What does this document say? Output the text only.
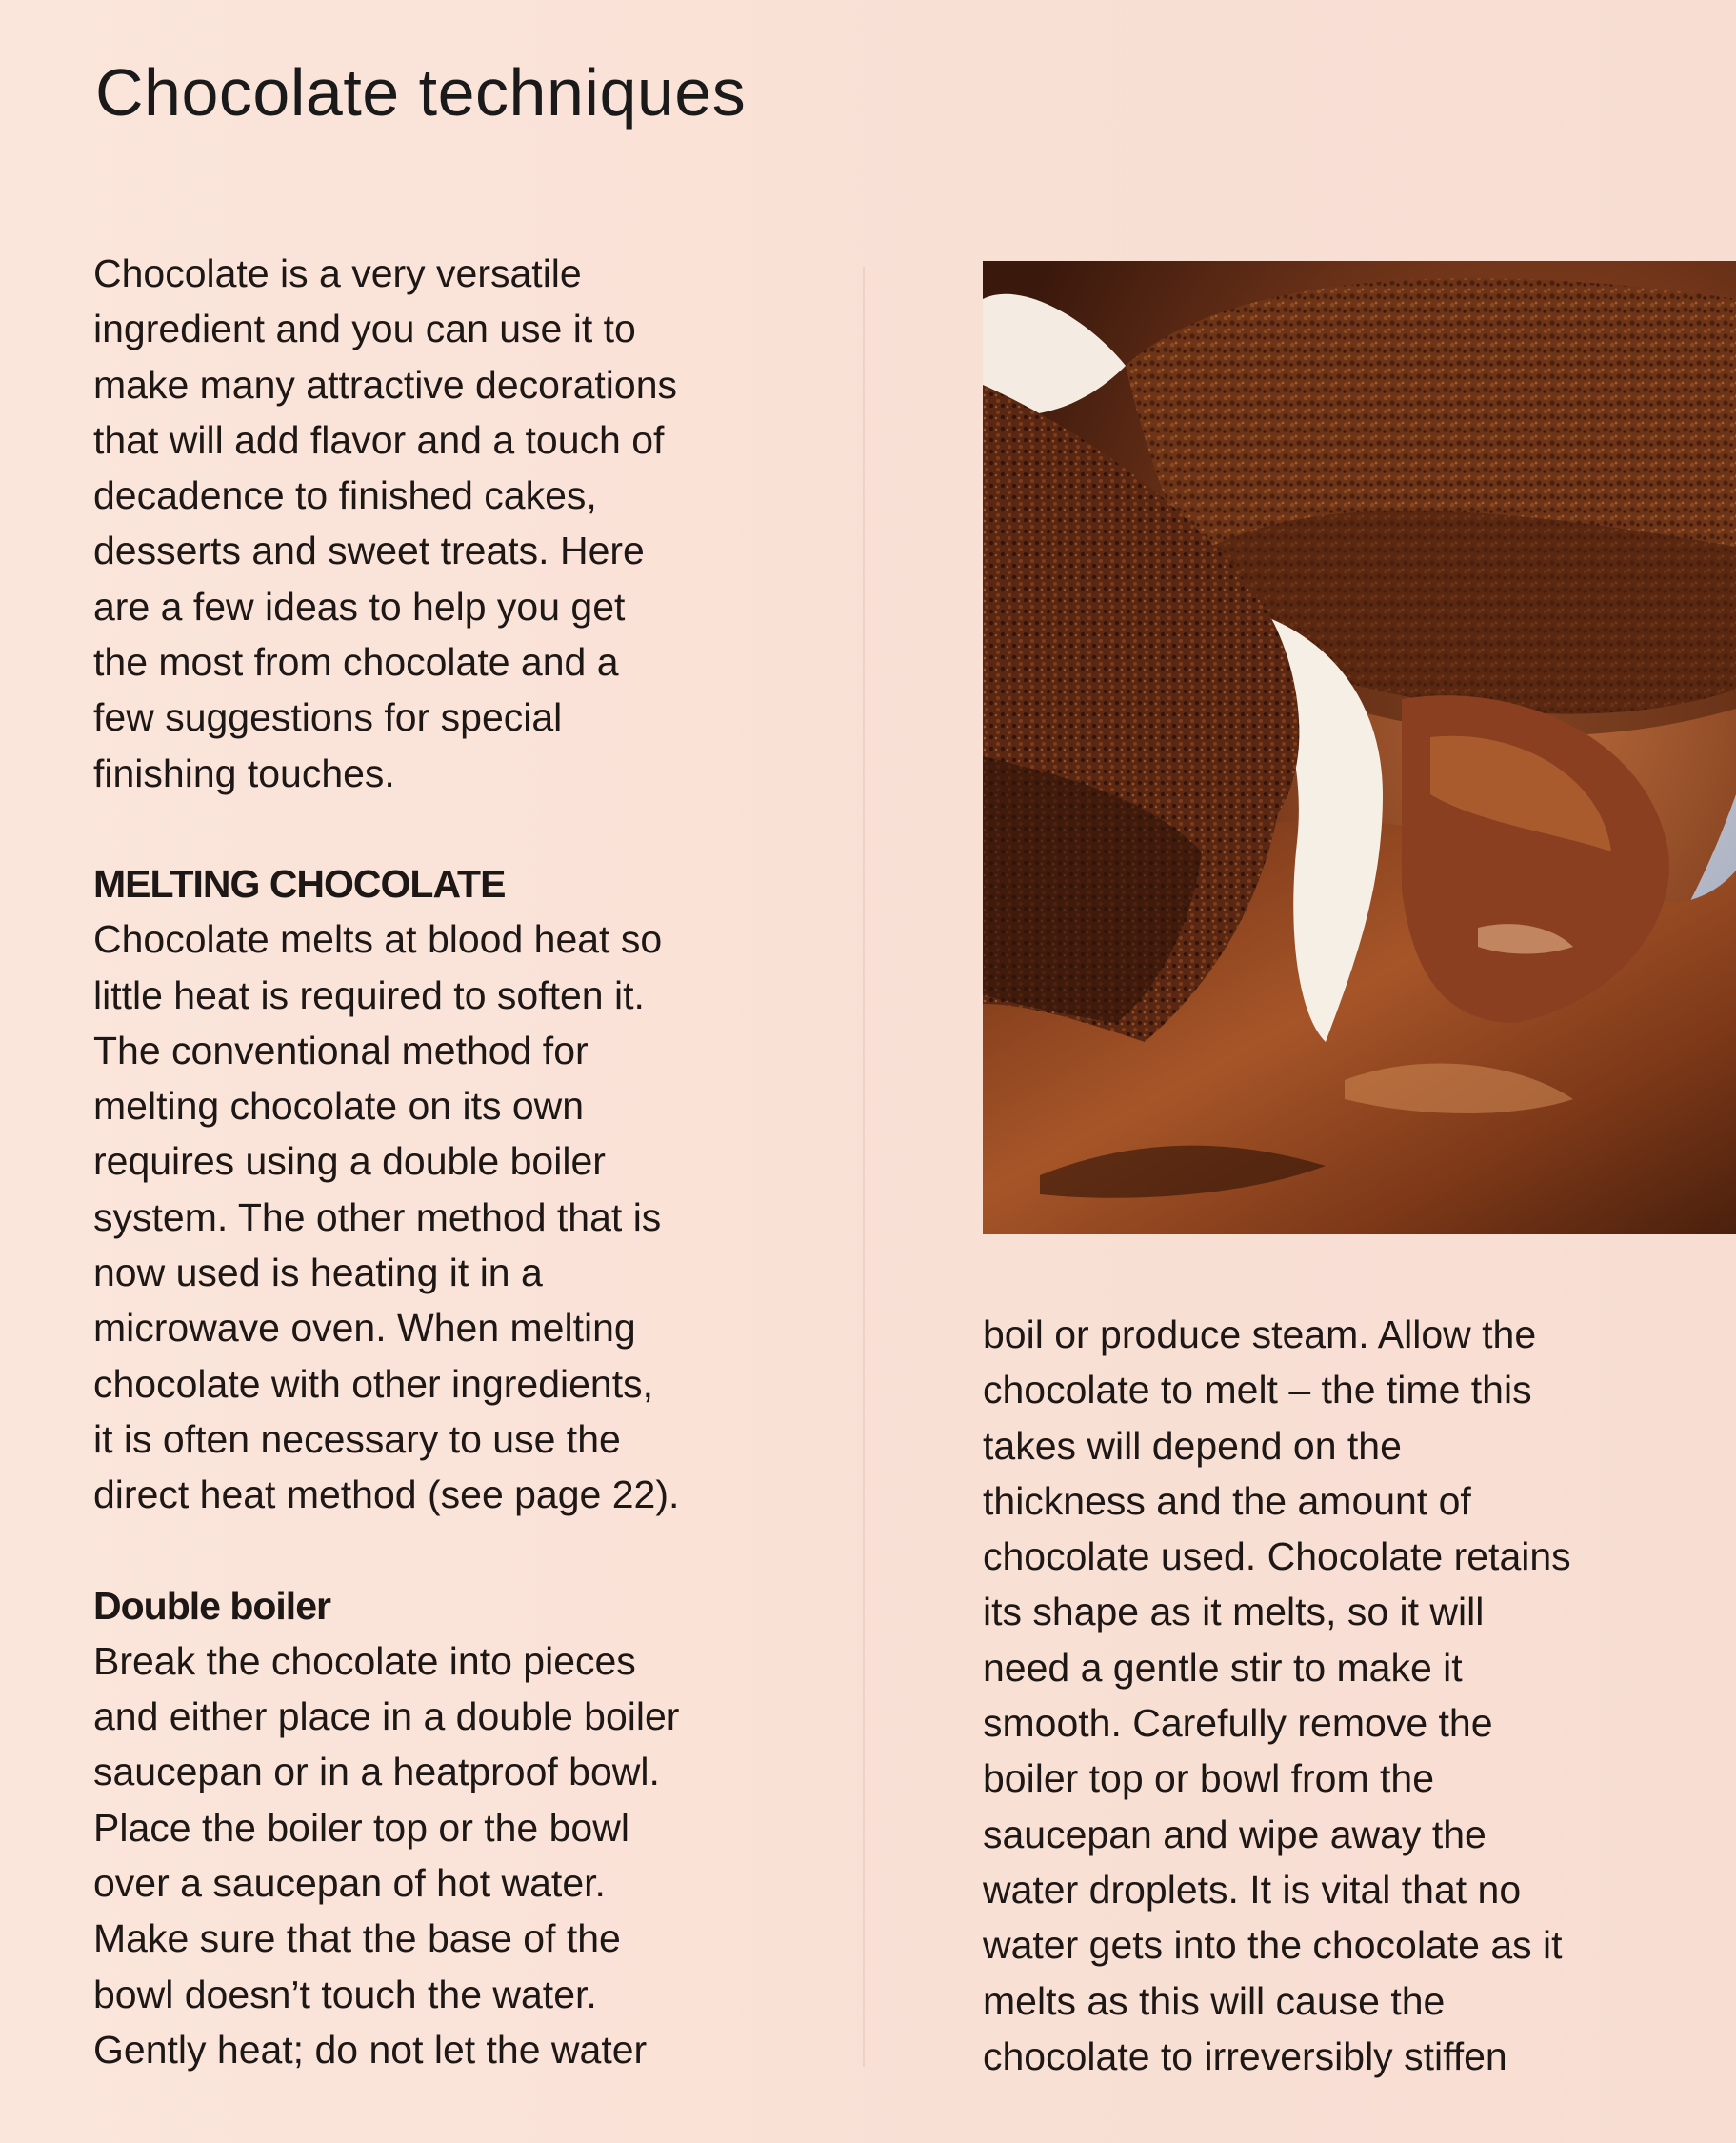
Chocolate techniques

Chocolate is a very versatile
ingredient and you can use it to
make many attractive decorations
that will add flavor and a touch of
decadence to finished cakes,
desserts and sweet treats. Here
are a few ideas to help you get
the most from chocolate and a
few suggestions for special
finishing touches.

MELTING CHOCOLATE

Chocolate melts at blood heat so
little heat is required to soften it.
The conventional method for
melting chocolate on its own
requires using a double boiler
system. The other method that is
now used is heating it in a
microwave oven. When melting
chocolate with other ingredients,
it is often necessary to use the
direct heat method (see page 22).

Double boiler

Break the chocolate into pieces
and either place in a double boiler
saucepan or in a heatproof bowl.
Place the boiler top or the bowl
over a saucepan of hot water.
Make sure that the base of the
bowl doesn’t touch the water.
Gently heat; do not let the water

boil or produce steam. Allow the
chocolate to melt – the time this
takes will depend on the
thickness and the amount of
chocolate used. Chocolate retains
its shape as it melts, so it will
need a gentle stir to make it
smooth. Carefully remove the
boiler top or bowl from the
saucepan and wipe away the
water droplets. It is vital that no
water gets into the chocolate as it
melts as this will cause the
chocolate to irreversibly stiffen
